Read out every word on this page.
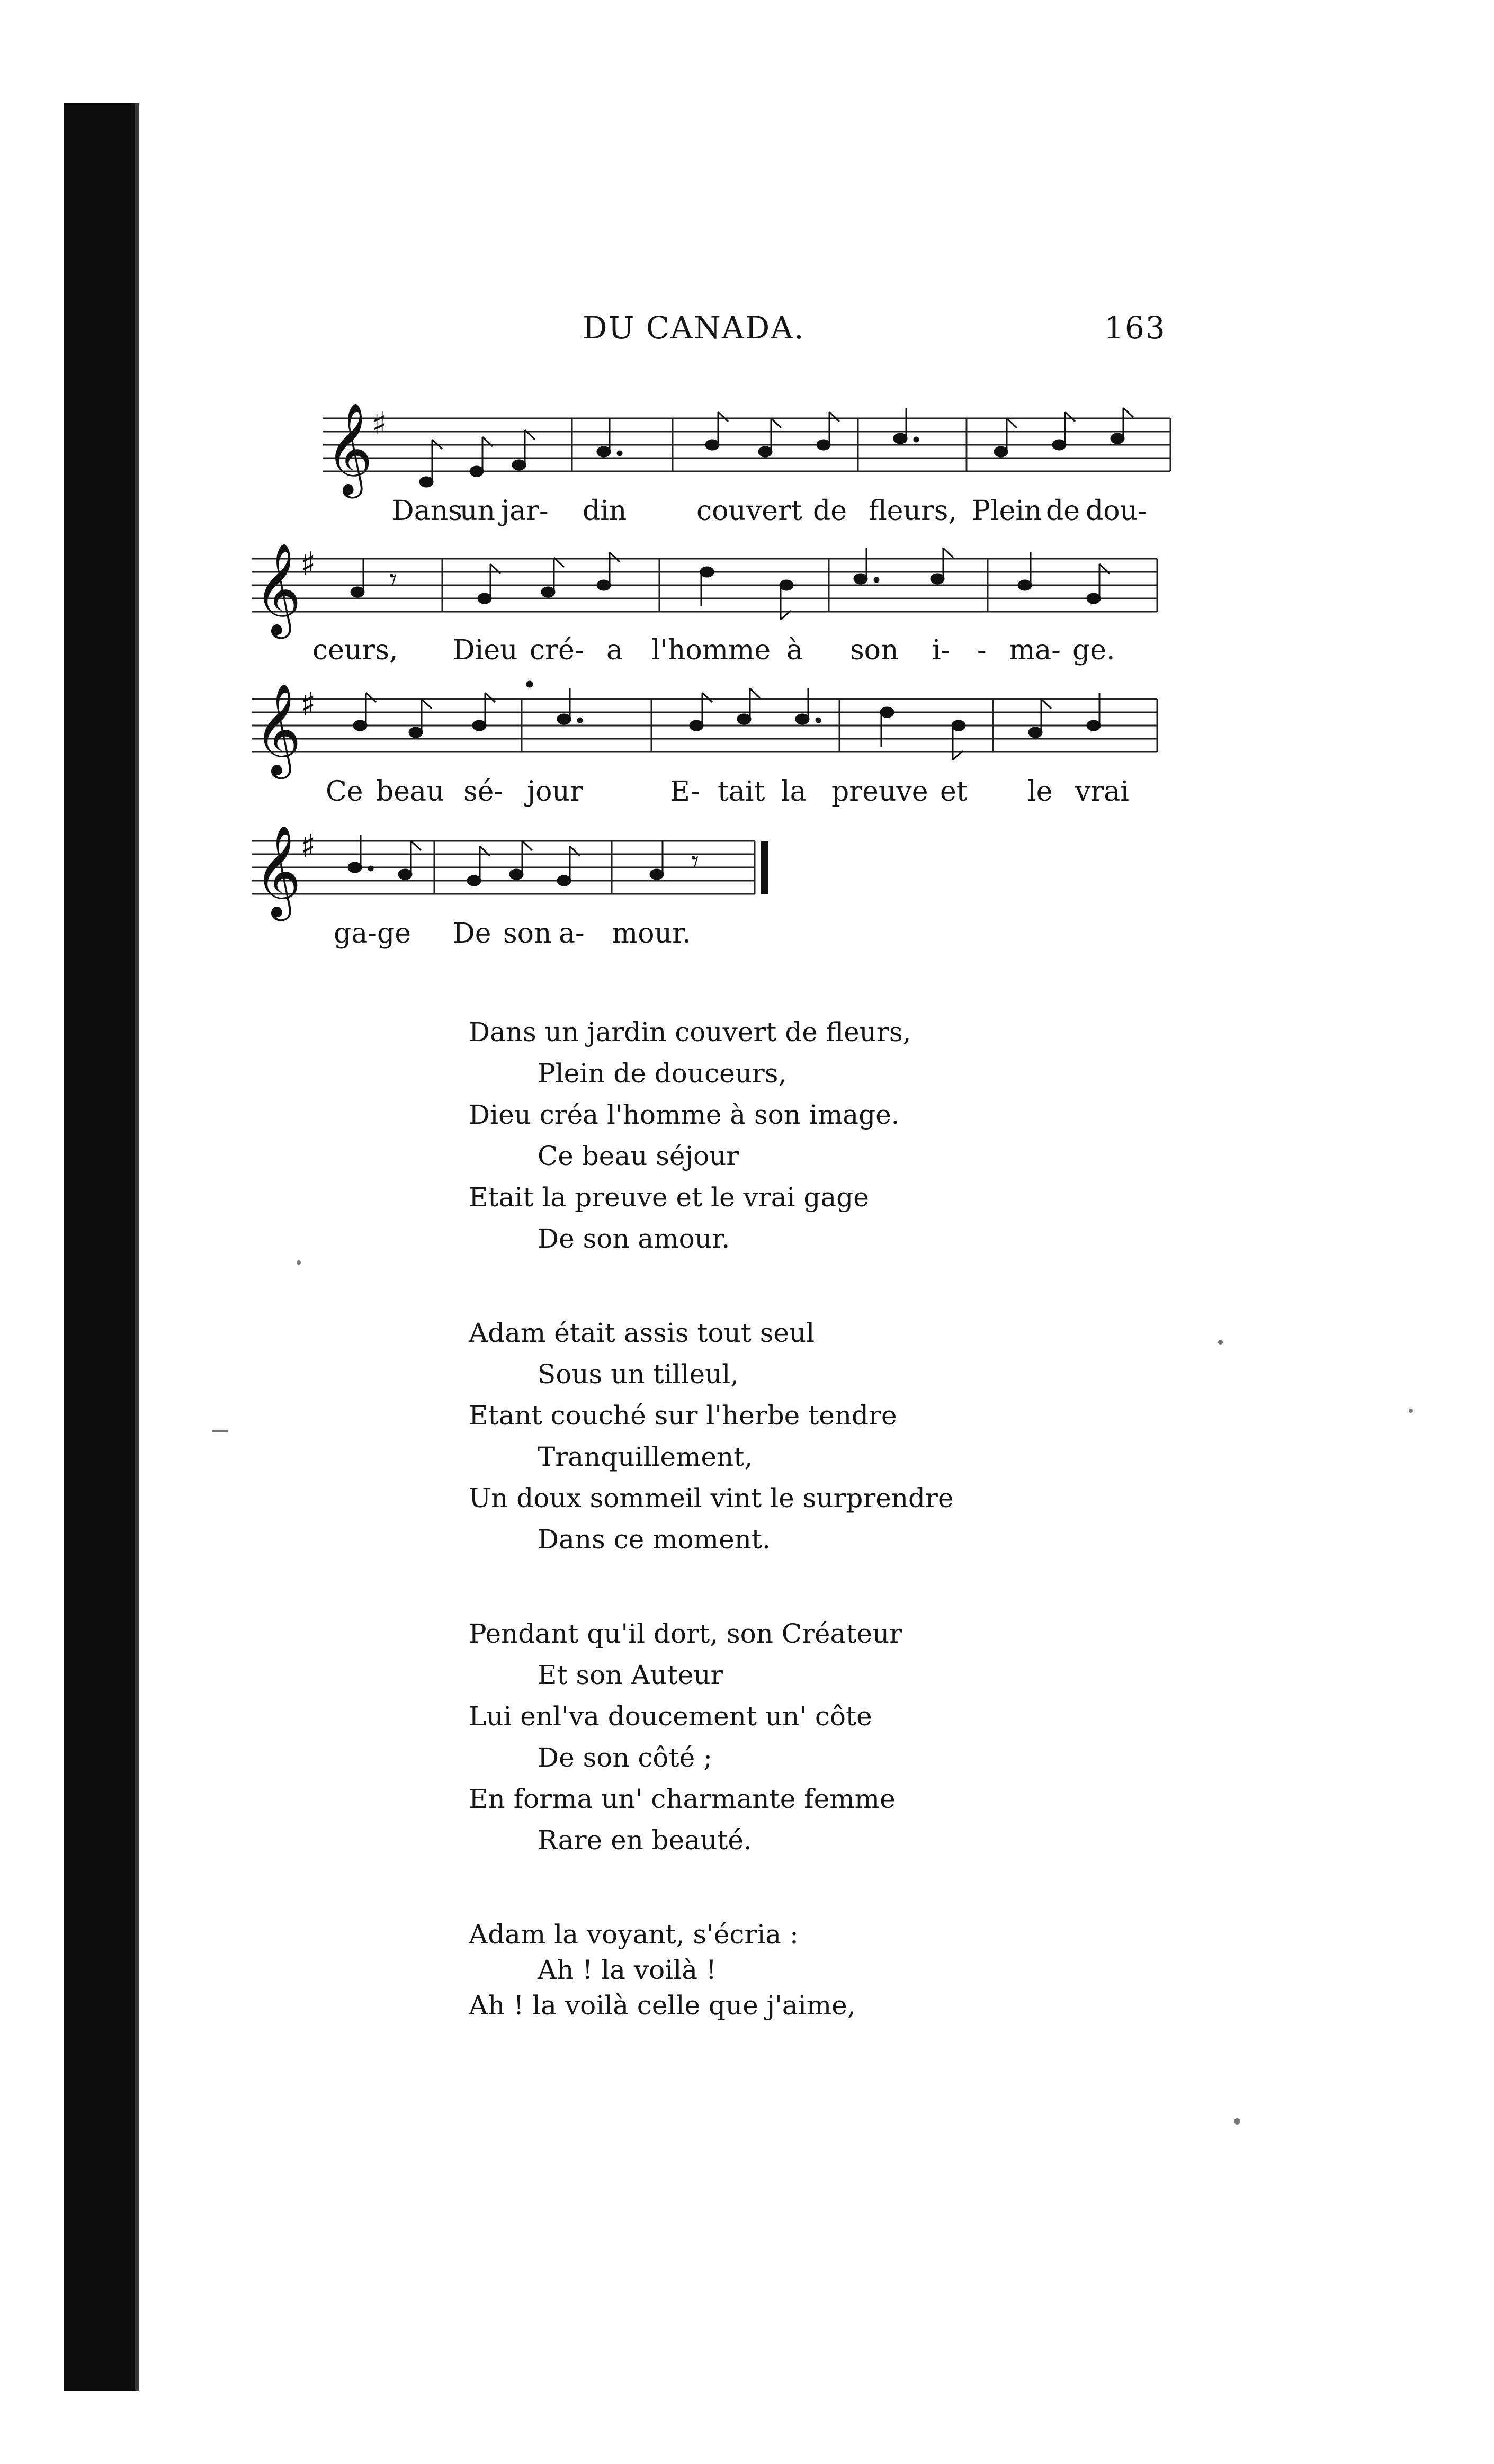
DU CANADA.	163
𝄞
♯
Dans
un jar- din	couvert de fleurs, Plein de dou-
𝄞
♯ 𝄾
ceurs, Dieu cré- a l'homme à son i- - ma- ge.
𝄞
♯
Ce beau sé- jour	E- tait la preuve et le vrai
𝄞
♯	𝄾
ga- ge De son a- mour.
Dans un jardin couvert de fleurs,
Plein de douceurs,
Dieu créa l'homme à son image.
Ce beau séjour
Etait la preuve et le vrai gage
De son amour.
Adam était assis tout seul
Sous un tilleul,
Etant couché sur l'herbe tendre
Tranquillement,
Un doux sommeil vint le surprendre
Dans ce moment.
Pendant qu'il dort, son Créateur
Et son Auteur
Lui enl'va doucement un' côte
De son côté ;
En forma un' charmante femme
Rare en beauté.
Adam la voyant, s'écria :
Ah ! la voilà !
Ah ! la voilà celle que j'aime,
